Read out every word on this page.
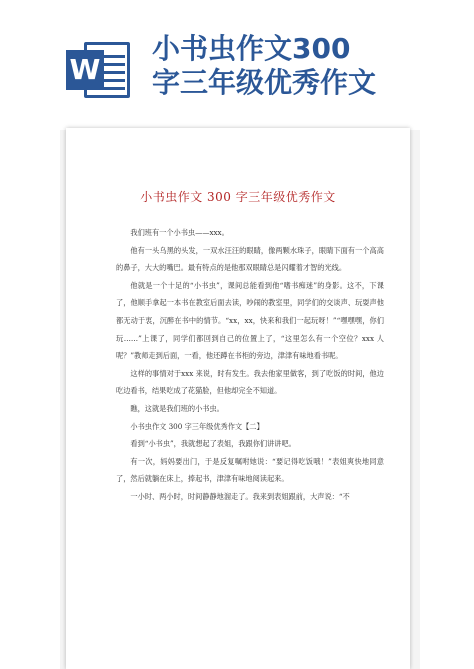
W
小书虫作文300
字三年级优秀作文
小书虫作文 300 字三年级优秀作文

我们班有一个小书虫——xxx。

他有一头乌黑的头发，一双水汪汪的眼睛，像两颗水珠子，眼睛下面有一个高高的鼻子，大大的嘴巴。最有特点的是他那双眼睛总是闪耀着才智的光线。

他就是一个十足的“小书虫”，课间总能看到他“嗜书痴迷”的身影。这不，下课了，他顺手拿起一本书在教室后面去读，吵闹的教室里，同学们的交谈声、玩耍声他都无动于衷，沉醉在书中的情节。“xx，xx，快来和我们一起玩呀！”“嘿嘿嘿，你们玩……”上课了，同学们都回到自己的位置上了，“这里怎么有一个空位？xxx 人呢？”教师走到后面，一看，他还蹲在书柜的旁边，津津有味地看书呢。

这样的事情对于xxx 来说，时有发生。我去他家里做客，到了吃饭的时间，他边吃边看书，结果吃成了花猫脸，但他却完全不知道。

瞧，这就是我们班的小书虫。

小书虫作文 300 字三年级优秀作文【二】

看到“小书虫”，我就想起了表姐，我跟你们讲讲吧。

有一次，妈妈要出门，于是反复嘱咐她说：“要记得吃饭哦！”表姐爽快地同意了，然后就躺在床上，捧起书，津津有味地阅读起来。

一小时、两小时，时间静静地溜走了。我来到表姐跟前，大声说：“不
